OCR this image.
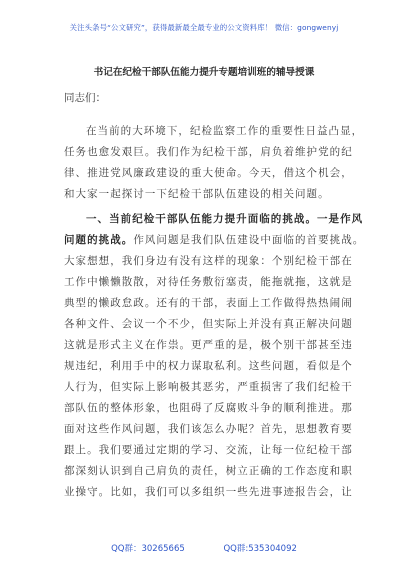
关注头条号“公文研究”，获得最新最全最专业的公文资料库！ 微信：gongwenyj
书记在纪检干部队伍能力提升专题培训班的辅导授课
同志们：
在当前的大环境下，纪检监察工作的重要性日益凸显，
任务也愈发艰巨。我们作为纪检干部，肩负着维护党的纪
律、推进党风廉政建设的重大使命。今天，借这个机会，
和大家一起探讨一下纪检干部队伍建设的相关问题。
一、当前纪检干部队伍能力提升面临的挑战。一是作风
问题的挑战。作风问题是我们队伍建设中面临的首要挑战。
大家想想，我们身边有没有这样的现象：个别纪检干部在
工作中懒懒散散，对待任务敷衍塞责，能拖就拖，这就是
典型的懒政怠政。还有的干部，表面上工作做得热热闹闹
各种文件、会议一个不少，但实际上并没有真正解决问题
这就是形式主义在作祟。更严重的是，极个别干部甚至违
规违纪，利用手中的权力谋取私利。这些问题，看似是个
人行为，但实际上影响极其恶劣，严重损害了我们纪检干
部队伍的整体形象，也阻碍了反腐败斗争的顺利推进。那
面对这些作风问题，我们该怎么办呢？首先，思想教育要
跟上。我们要通过定期的学习、交流，让每一位纪检干部
都深刻认识到自己肩负的责任，树立正确的工作态度和职
业操守。比如，我们可以多组织一些先进事迹报告会，让
QQ群：30265665	QQ群:535304092
